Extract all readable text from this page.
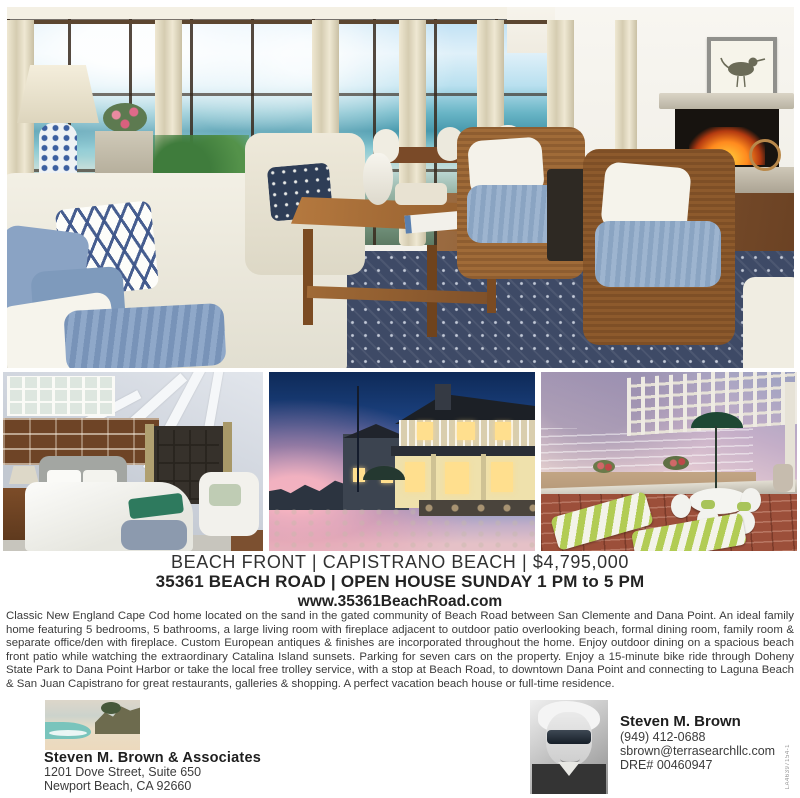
BEACH FRONT | CAPISTRANO BEACH | $4,795,000
35361 BEACH ROAD | OPEN HOUSE SUNDAY 1 PM to 5 PM
www.35361BeachRoad.com
Classic New England Cape Cod home located on the sand in the gated community of Beach Road between San Clemente and Dana Point. An ideal family home featuring 5 bedrooms, 5 bathrooms, a large living room with fireplace adjacent to outdoor patio overlooking beach, formal dining room, family room & separate office/den with fireplace. Custom European antiques & finishes are incorporated throughout the home. Enjoy outdoor dining on a spacious beach front patio while watching the extraordinary Catalina Island sunsets. Parking for seven cars on the property. Enjoy a 15-minute bike ride through Doheny State Park to Dana Point Harbor or take the local free trolley service, with a stop at Beach Road, to downtown Dana Point and connecting to Laguna Beach & San Juan Capistrano for great restaurants, galleries & shopping. A perfect vacation beach house or full-time residence.
Steven M. Brown & Associates
1201 Dove Street, Suite 650
Newport Beach, CA 92660
Steven M. Brown
(949) 412-0688
sbrown@terrasearchllc.com
DRE# 00460947	LA46397154-1
